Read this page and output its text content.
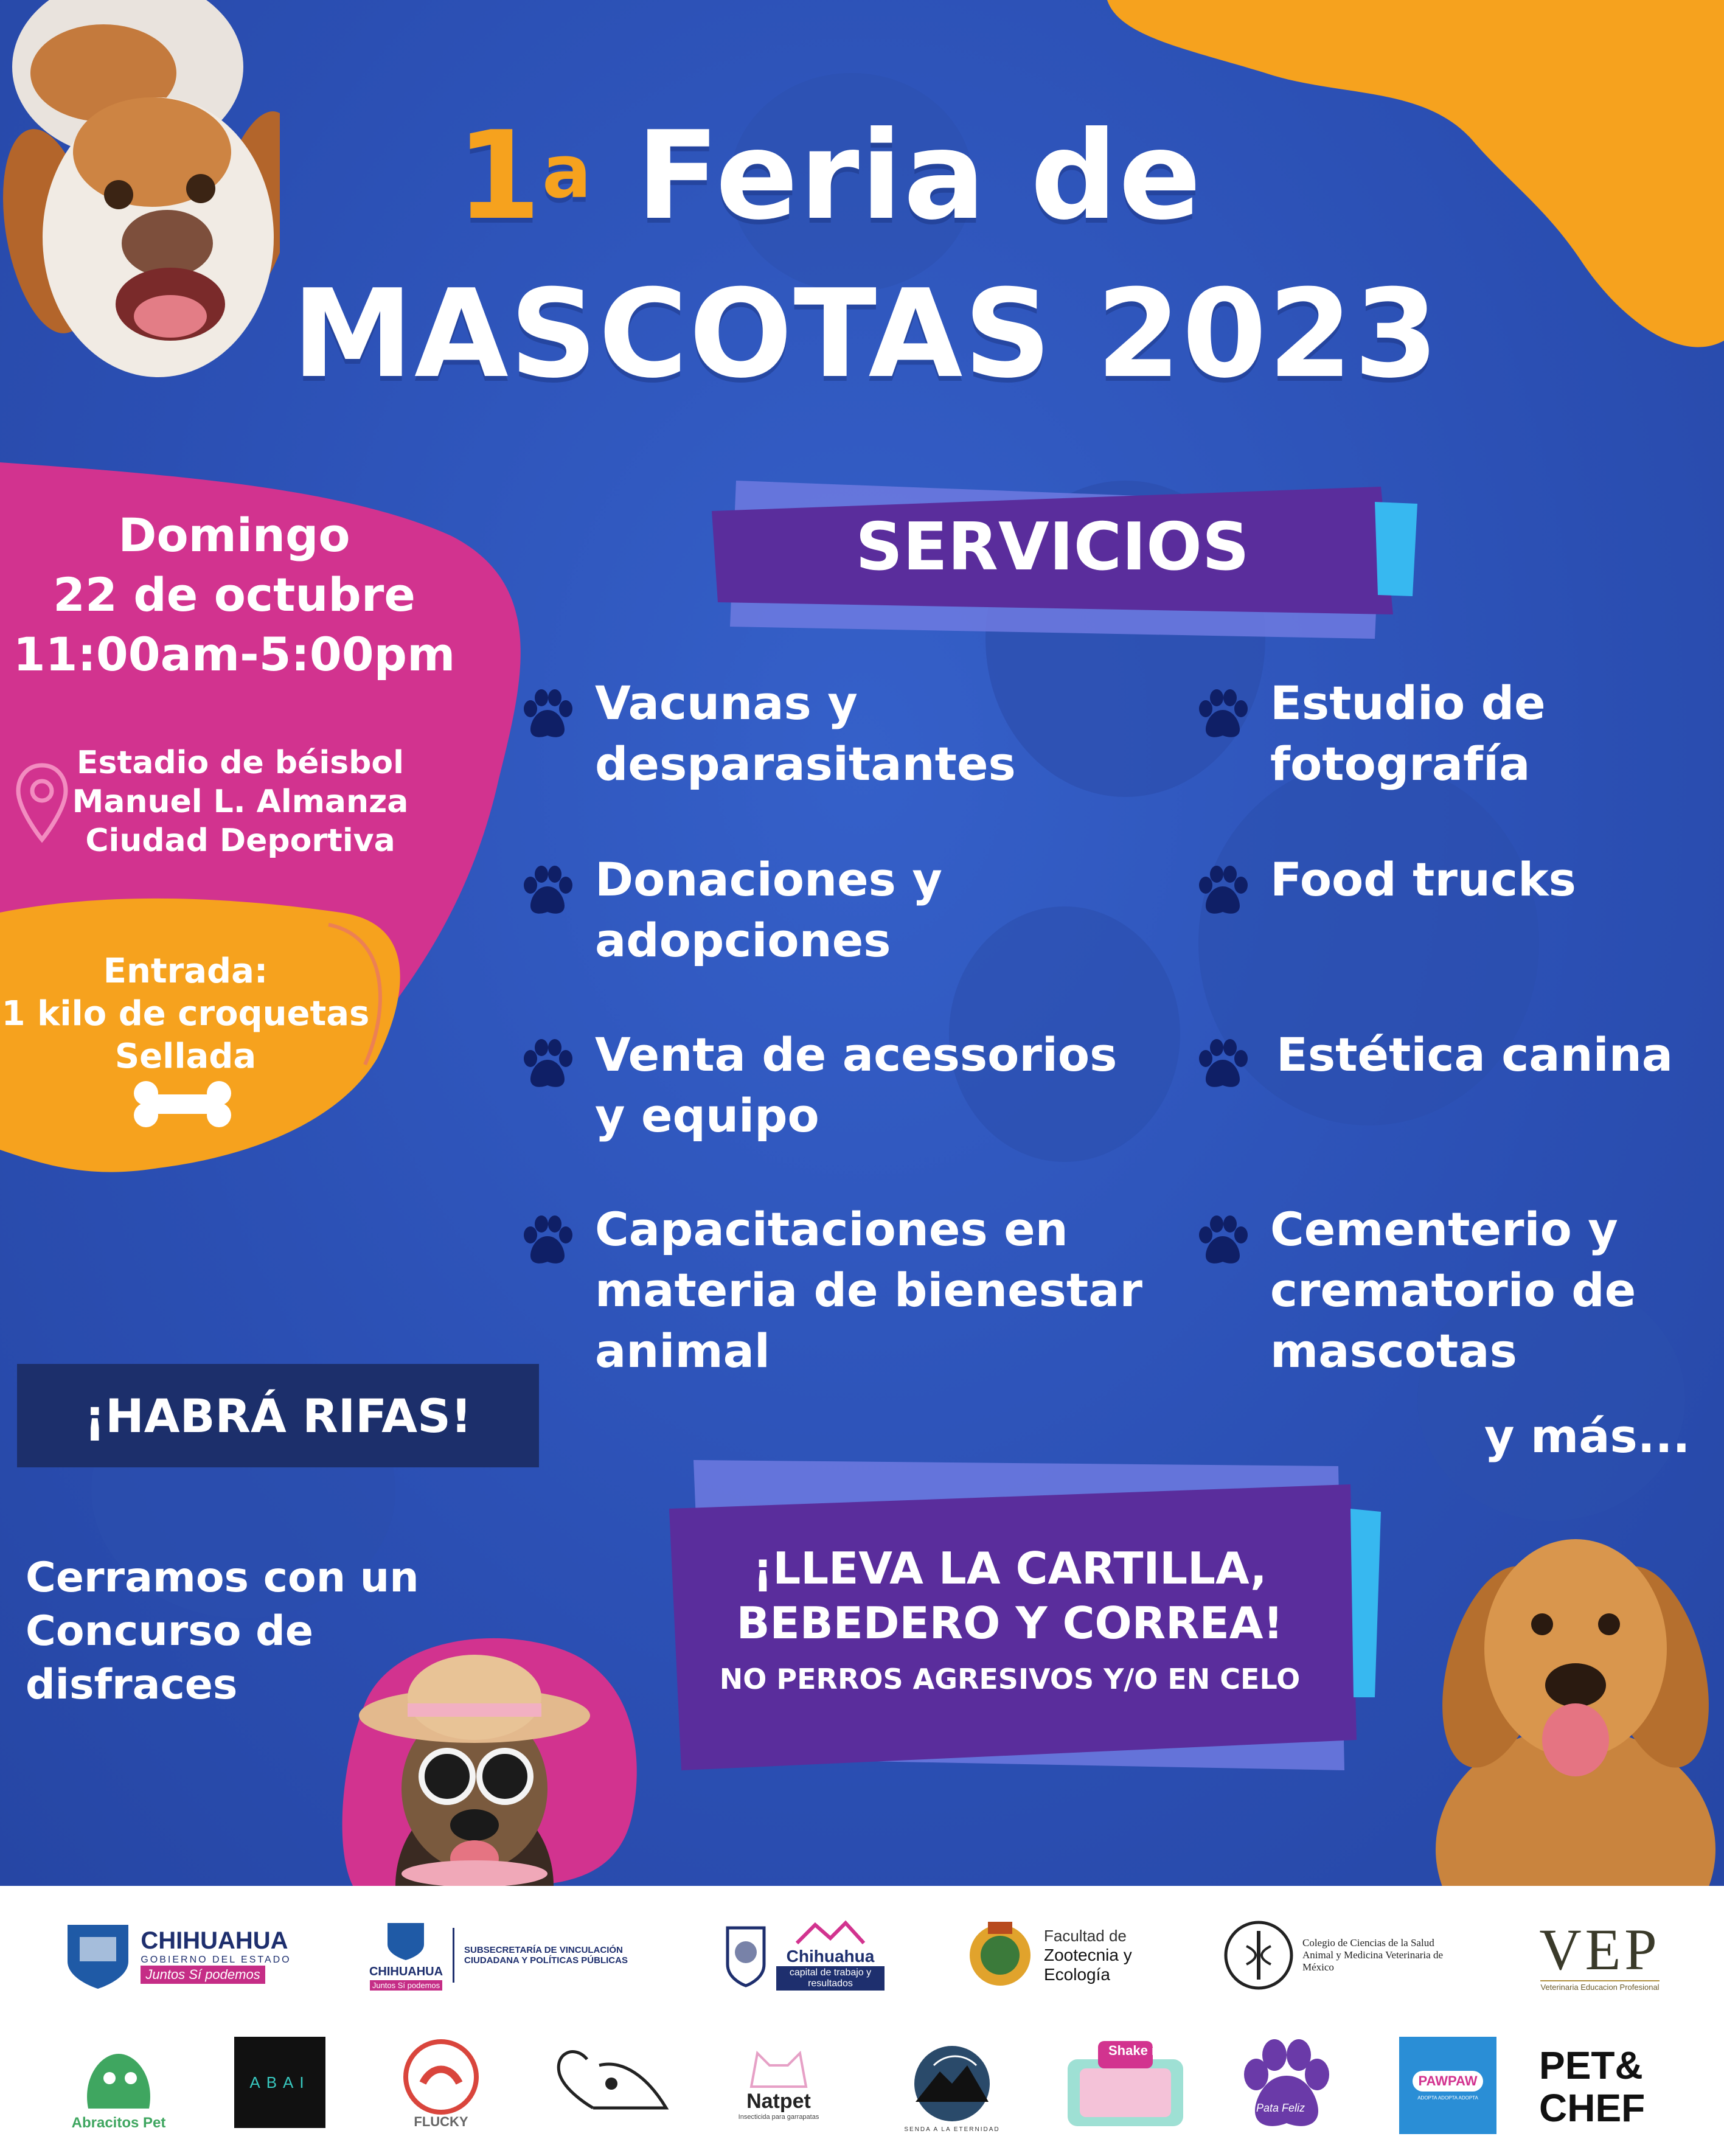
1$^a$ Feria de
MASCOTAS 2023
Domingo
22 de octubre
11:00am-5:00pm
Estadio de béisbol
Manuel L. Almanza
Ciudad Deportiva
Entrada:
1 kilo de croquetas
Sellada
SERVICIOS
Vacunas y
desparasitantes
Donaciones y
adopciones
Venta de acessorios
y equipo
Capacitaciones en
materia de bienestar
animal
Estudio de
fotografía
Food trucks
Estética canina
Cementerio y
crematorio de
mascotas
y más...
¡HABRÁ RIFAS!
Cerramos con un
Concurso de
disfraces
¡LLEVA LA CARTILLA,
BEBEDERO Y CORREA!
NO PERROS AGRESIVOS Y/O EN CELO
CHIHUAHUA
GOBIERNO DEL ESTADO
Juntos Sí podemos	CHIHUAHUA
Juntos Sí podemos
SUBSECRETARÍA DE VINCULACIÓN CIUDADANA Y POLÍTICAS PÚBLICAS	Chihuahua
capital de trabajo y resultados
Facultad de
Zootecnia y Ecología
Colegio de Ciencias de la Salud
Animal y Medicina Veterinaria de México	VEP
Veterinaria Educacion Profesional
Abracitos Pet
ABAI
FLUCKY
Natpet
Insecticida para garrapatas
SENDA A LA ETERNIDAD
Shake it
Pata Feliz
PAWPAW
ADOPTA ADOPTA ADOPTA
PET&
CHEF
